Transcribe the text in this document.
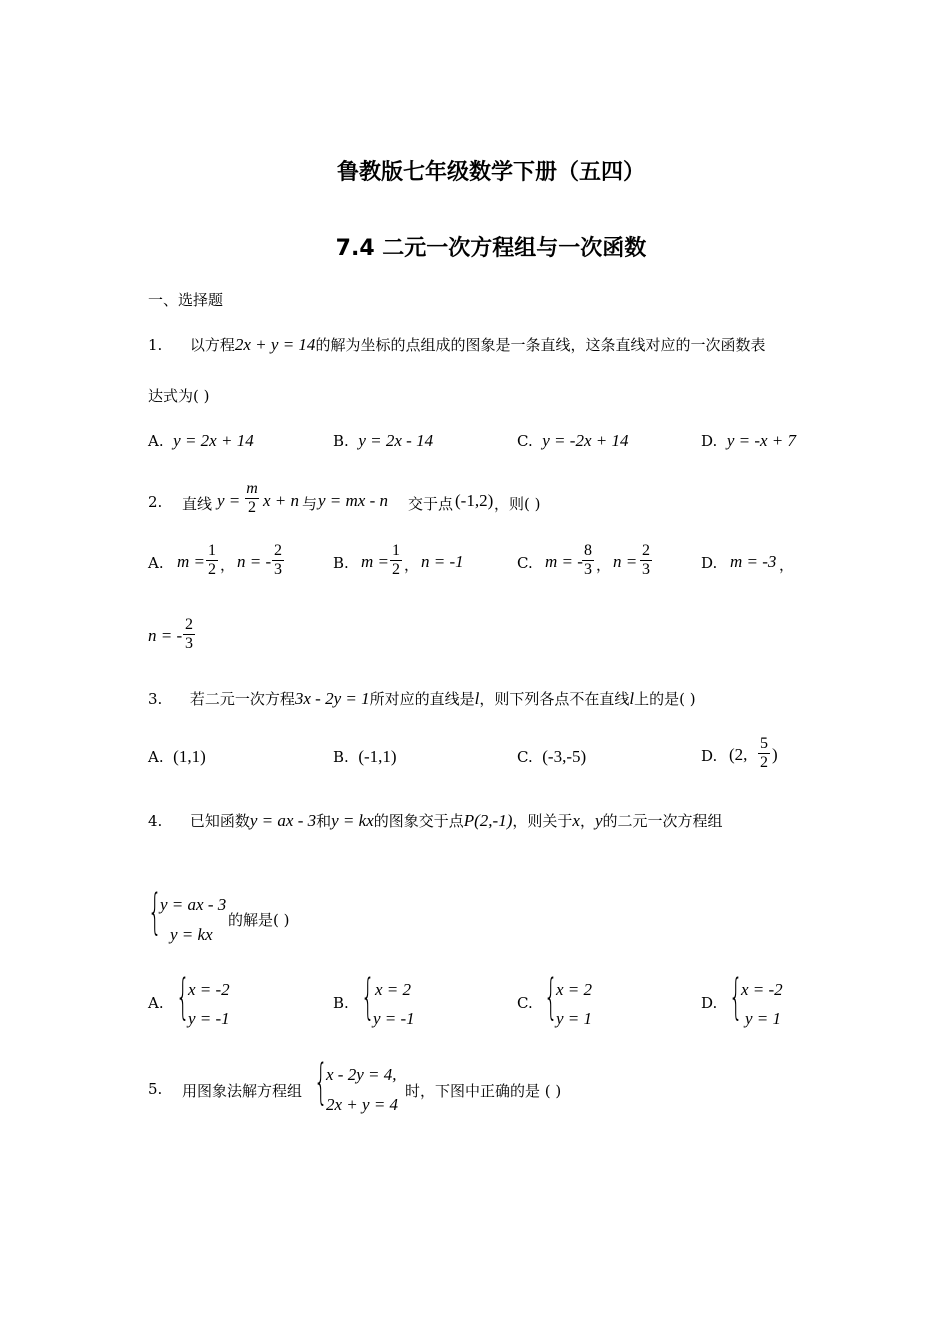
鲁教版七年级数学下册（五四）
7.4 二元一次方程组与一次函数
一、选择题
1. 以方程2x + y = 14的解为坐标的点组成的图象是一条直线，这条直线对应的一次函数表
达式为( )
A. y = 2x + 14	B. y = 2x - 14	C. y = -2x + 14	D. y = -x + 7
2. 直线 y =
m
2 x + n 与 y = mx - n 交于点 (-1,2) ，则( )
A. m =
1
2 ， n = -
2
3	B. m =
1
2 ， n = -1	C. m = -
8
3 ， n =
2
3	D. m = -3 ，
n = -
2
3
3. 若二元一次方程3x - 2y = 1所对应的直线是l，则下列各点不在直线l上的是( )
A. (1,1)	B. (-1,1)	C. (-3,-5)	D. (2,
5
2 )
4. 已知函数y = ax - 3和y = kx的图象交于点P(2,-1)，则关于x，y的二元一次方程组
{
y = ax - 3
y = kx
的解是( )
A. {
x = -2
y = -1
B. { x = 2
y = -1
C. {
x = 2
y = 1
D. {
x = -2
y = 1
5. 用图象法解方程组 {
x - 2y = 4,
2x + y = 4
时，下图中正确的是 ( )
